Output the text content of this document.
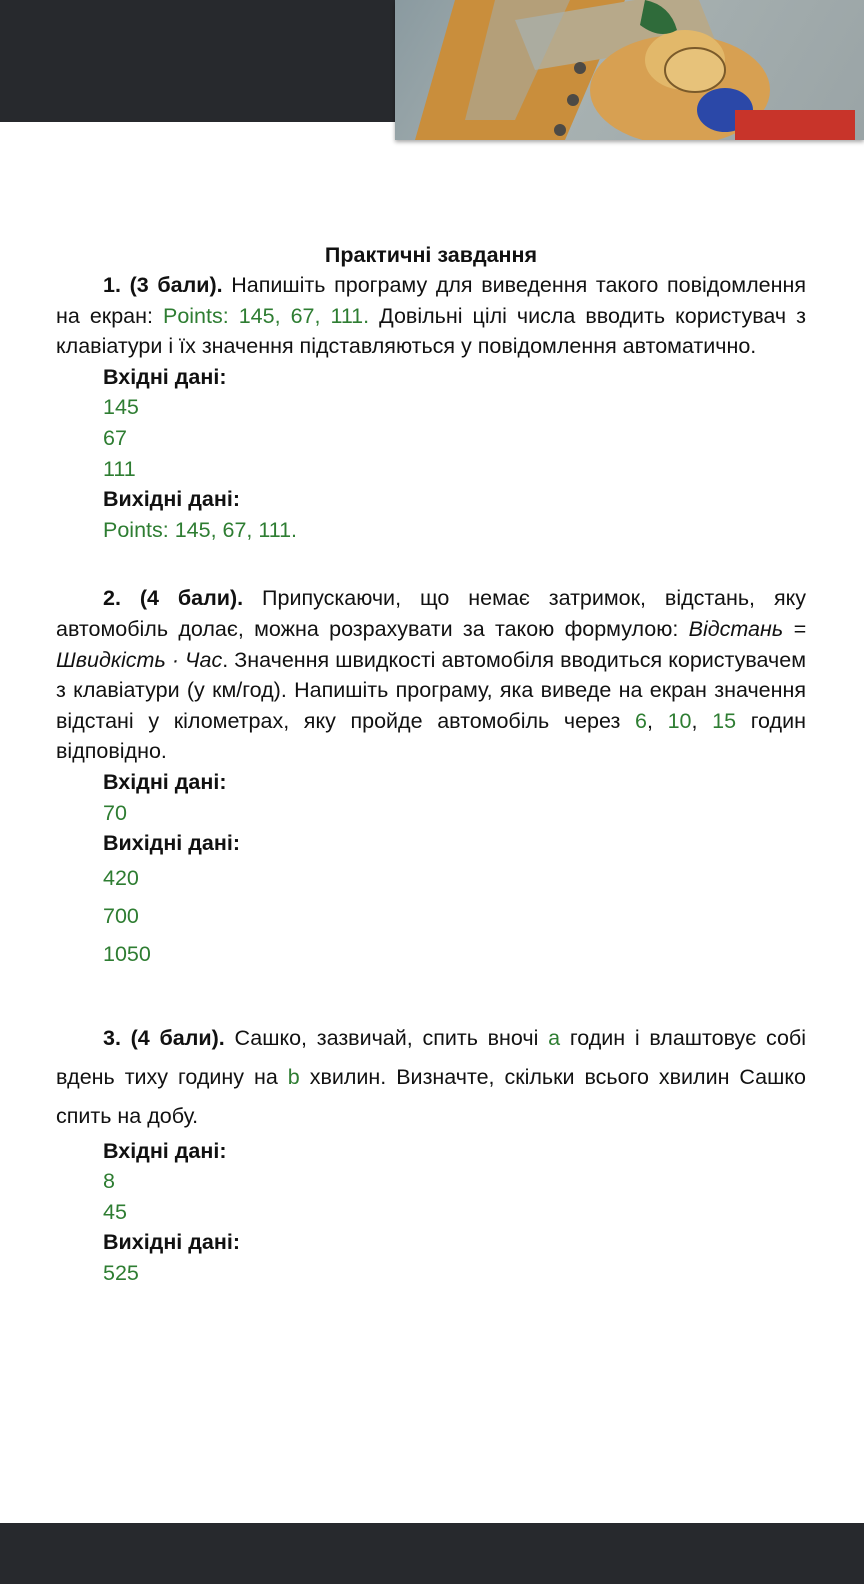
Практичні завдання

1. (3 бали). Напишіть програму для виведення такого повідомлення на екран: Points: 145, 67, 111. Довільні цілі числа вводить користувач з клавіатури і їх значення підставляються у повідомлення автоматично.

Вхідні дані:
145
67
111
Вихідні дані:
Points: 145, 67, 111.

2. (4 бали). Припускаючи, що немає затримок, відстань, яку автомобіль долає, можна розрахувати за такою формулою: Відстань = Швидкість · Час. Значення швидкості автомобіля вводиться користувачем з клавіатури (у км/год). Напишіть програму, яка виведе на екран значення відстані у кілометрах, яку пройде автомобіль через 6, 10, 15 годин відповідно.

Вхідні дані:
70
Вихідні дані:
420
700
1050

3. (4 бали). Сашко, зазвичай, спить вночі a годин і влаштовує собі вдень тиху годину на b хвилин. Визначте, скільки всього хвилин Сашко спить на добу.

Вхідні дані:
8
45
Вихідні дані:
525
